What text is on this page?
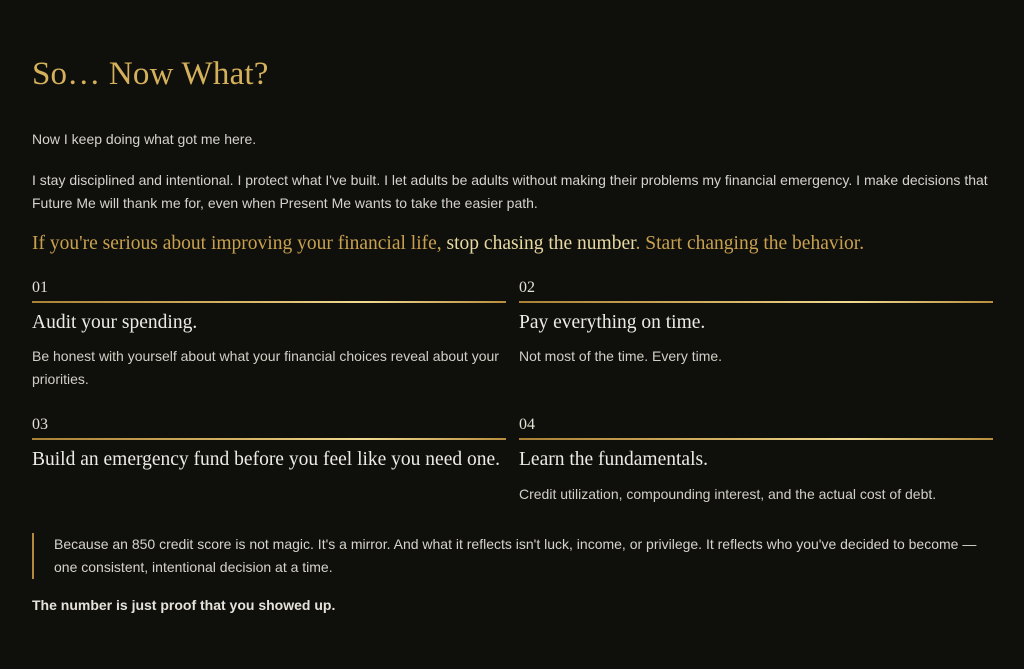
So… Now What?

Now I keep doing what got me here.

I stay disciplined and intentional. I protect what I've built. I let adults be adults without making their problems my financial emergency. I make decisions that Future Me will thank me for, even when Present Me wants to take the easier path.

If you're serious about improving your financial life, stop chasing the number. Start changing the behavior.

01
Audit your spending.

Be honest with yourself about what your financial choices reveal about your priorities.

02
Pay everything on time.

Not most of the time. Every time.

03
Build an emergency fund before you feel like you need one.
04
Learn the fundamentals.

Credit utilization, compounding interest, and the actual cost of debt.

Because an 850 credit score is not magic. It's a mirror. And what it reflects isn't luck, income, or privilege. It reflects who you've decided to become — one consistent, intentional decision at a time.

The number is just proof that you showed up.
